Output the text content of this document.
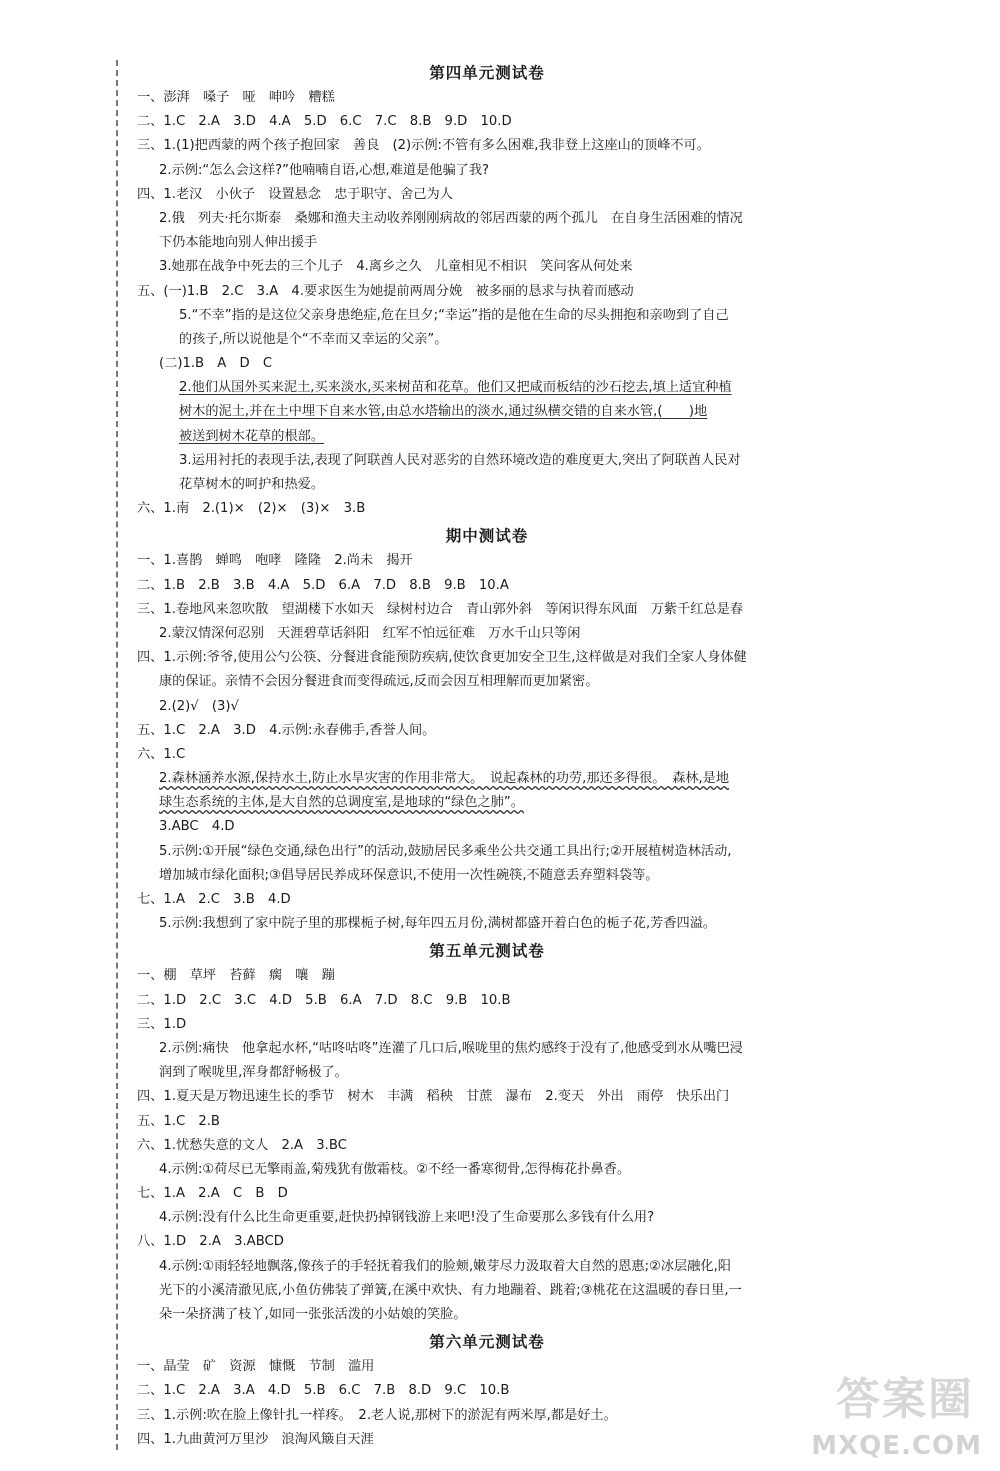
第四单元测试卷
一、澎湃　嗓子　哑　呻吟　糟糕
二、1.C　2.A　3.D　4.A　5.D　6.C　7.C　8.B　9.D　10.D
三、1.(1)把西蒙的两个孩子抱回家　善良　(2)示例:不管有多么困难,我非登上这座山的顶峰不可。
2.示例:“怎么会这样?”他喃喃自语,心想,难道是他骗了我?
四、1.老汉　小伙子　设置悬念　忠于职守、舍己为人
2.俄　列夫·托尔斯泰　桑娜和渔夫主动收养刚刚病故的邻居西蒙的两个孤儿　在自身生活困难的情况
下仍本能地向别人伸出援手
3.她那在战争中死去的三个儿子　4.离乡之久　儿童相见不相识　笑问客从何处来
五、(一)1.B　2.C　3.A　4.要求医生为她提前两周分娩　被多丽的恳求与执着而感动
5.“不幸”指的是这位父亲身患绝症,危在旦夕;“幸运”指的是他在生命的尽头拥抱和亲吻到了自己
的孩子,所以说他是个“不幸而又幸运的父亲”。
(二)1.B　A　D　C
2.他们从国外买来泥土,买来淡水,买来树苗和花草。他们又把咸而板结的沙石挖去,填上适宜种植
树木的泥土,并在土中埋下自来水管,由总水塔输出的淡水,通过纵横交错的自来水管,(　　)地
被送到树木花草的根部。
3.运用衬托的表现手法,表现了阿联酋人民对恶劣的自然环境改造的难度更大,突出了阿联酋人民对
花草树木的呵护和热爱。
六、1.南　2.(1)×　(2)×　(3)×　3.B
期中测试卷
一、1.喜鹊　蝉鸣　咆哮　隆隆　2.尚未　揭开
二、1.B　2.B　3.B　4.A　5.D　6.A　7.D　8.B　9.B　10.A
三、1.卷地风来忽吹散　望湖楼下水如天　绿树村边合　青山郭外斜　等闲识得东风面　万紫千红总是春
2.蒙汉情深何忍别　天涯碧草话斜阳　红军不怕远征难　万水千山只等闲
四、1.示例:爷爷,使用公勺公筷、分餐进食能预防疾病,使饮食更加安全卫生,这样做是对我们全家人身体健
康的保证。亲情不会因分餐进食而变得疏远,反而会因互相理解而更加紧密。
2.(2)√　(3)√
五、1.C　2.A　3.D　4.示例:永春佛手,香誉人间。
六、1.C
2.森林涵养水源,保持水土,防止水旱灾害的作用非常大。　说起森林的功劳,那还多得很。　森林,是地
球生态系统的主体,是大自然的总调度室,是地球的“绿色之肺”。
3.ABC　4.D
5.示例:①开展“绿色交通,绿色出行”的活动,鼓励居民多乘坐公共交通工具出行;②开展植树造林活动,
增加城市绿化面积;③倡导居民养成环保意识,不使用一次性碗筷,不随意丢弃塑料袋等。
七、1.A　2.C　3.B　4.D
5.示例:我想到了家中院子里的那棵栀子树,每年四五月份,满树都盛开着白色的栀子花,芳香四溢。
第五单元测试卷
一、棚　草坪　苔藓　瘸　嚷　蹦
二、1.D　2.C　3.C　4.D　5.B　6.A　7.D　8.C　9.B　10.B
三、1.D
2.示例:痛快　他拿起水杯,“咕咚咕咚”连灌了几口后,喉咙里的焦灼感终于没有了,他感受到水从嘴巴浸
润到了喉咙里,浑身都舒畅极了。
四、1.夏天是万物迅速生长的季节　树木　丰满　稻秧　甘蔗　瀑布　2.变天　外出　雨停　快乐出门
五、1.C　2.B
六、1.忧愁失意的文人　2.A　3.BC
4.示例:①荷尽已无擎雨盖,菊残犹有傲霜枝。②不经一番寒彻骨,怎得梅花扑鼻香。
七、1.A　2.A　C　B　D
4.示例:没有什么比生命更重要,赶快扔掉钢钱游上来吧!没了生命要那么多钱有什么用?
八、1.D　2.A　3.ABCD
4.示例:①雨轻轻地飘落,像孩子的手轻抚着我们的脸颊,嫩芽尽力汲取着大自然的恩惠;②冰层融化,阳
光下的小溪清澈见底,小鱼仿佛装了弹簧,在溪中欢快、有力地蹦着、跳着;③桃花在这温暖的春日里,一
朵一朵挤满了枝丫,如同一张张活泼的小姑娘的笑脸。
第六单元测试卷
一、晶莹　矿　资源　慷慨　节制　滥用
二、1.C　2.A　3.A　4.D　5.B　6.C　7.B　8.D　9.C　10.B
三、1.示例:吹在脸上像针扎一样疼。　2.老人说,那树下的淤泥有两米厚,都是好土。
四、1.九曲黄河万里沙　浪淘风簸自天涯
答案圈
MXQE.COM
